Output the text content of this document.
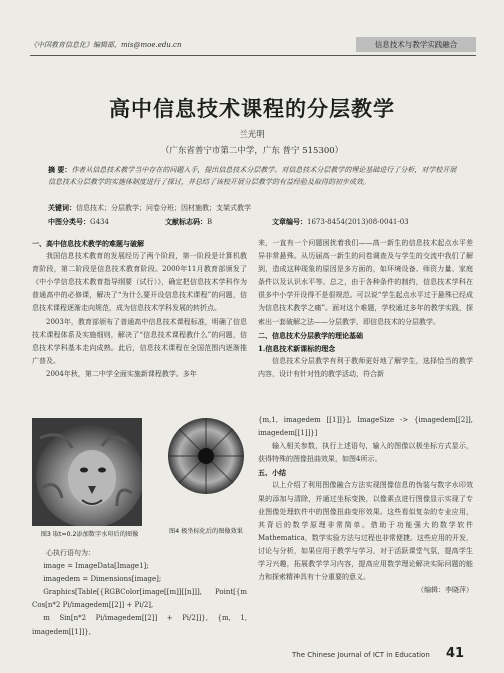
《中国教育信息化》编辑部，mis@moe.edu.cn	信息技术与教学实践融合
高中信息技术课程的分层教学
兰光明
（广东省普宁市第二中学，广东 普宁 515300）
摘 要：作者从信息技术教学当中存在的问题入手，提出信息技术分层教学。对信息技术分层教学的理论基础进行了分析，对学校开展信息技术分层教学的实施体制度进行了探讨，并总结了该校开展分层教学的有益经验及取得的初步成效。
关键词：信息技术；分层教学；问卷分班；因材施教；支架式教学
中图分类号：G434	文献标志码：B	文章编号：1673-8454(2013)08-0041-03

一、高中信息技术教学的难题与破解

我国信息技术教育的发展经历了两个阶段，第一阶段是计算机教育阶段，第二阶段是信息技术教育阶段。2000年11月教育部颁发了《中小学信息技术教育指导纲要（试行）》，确定把信息技术学科作为普通高中的必修课，解决了“为什么要开设信息技术课程”的问题，信息技术课程逐渐走向规范，成为信息技术学科发展的转折点。

2003年，教育部颁布了普通高中信息技术课程标准，明确了信息技术课程体系及实施细则，解决了“信息技术课程教什么”的问题，信息技术学科基本走向成熟。此后，信息技术课程在全国范围内逐渐推广普及。

2004年秋，第二中学全面实施新课程教学。多年

来，一直有一个问题困扰着我们——高一新生的信息技术起点水平差异非常悬殊。从历届高一新生的问卷调查及与学生的交流中我们了解到，造成这种现象的原因是多方面的，如环境设备、师资力量、家庭条件以及认识水平等。总之，由于各种条件的制约，信息技术学科在很多中小学开设得不是很规范。可以说“学生起点水平过于悬殊已经成为信息技术教学之痛”。面对这个难题，学校通过多年的教学实践，探索出一套破解之法——分层教学，即信息技术的分层教学。

二、信息技术分层教学的理论基础

1.信息技术新课标的理念

信息技术分层教学有利于教师更好地了解学生，选择恰当的教学内容，设计有针对性的教学活动，符合新

图3 取t=0.2添加数字水印后的图像	图4 极坐标化后的图像效果

心执行语句为：

image = ImageData[Image1];

imagedem = Dimensions[image];

Graphics[Table[{RGBColor[image[[m]][[n]]], Point[{m Cos[n*2 Pi/imagedem[[2]] + Pi/2],

m Sin[n*2 Pi/imagedem[[2]] + Pi/2]]}, {m, 1, imagedem[[1]]},

{m,1, imagedem [[1]]}], ImageSize -> {imagedem[[2]], imagedem[[1]]}]

输入相关参数，执行上述语句，输入的图像以极坐标方式显示，获得特殊的图像扭曲效果，如图4所示。

五、小结

以上介绍了利用图像融合方法实现图像信息的伪装与数字水印效果的添加与清除，并通过坐标变换，以像素点进行图像显示实现了专业图像处理软件中的图像扭曲变形效果。这些看似复杂的专业应用，其背后的数学原理非常简单。借助于功能强大的数学软件Mathematica，数学实验方法与过程也非常便捷。这些应用的开发，讨论与分析，如果应用于教学与学习，对于活跃课堂气氛，提高学生学习兴趣，拓展教学学习内容，提高应用数学理论解决实际问题的能力和探索精神具有十分重要的意义。

（编辑：李晓萍）

The Chinese Journal of ICT in Education 41
